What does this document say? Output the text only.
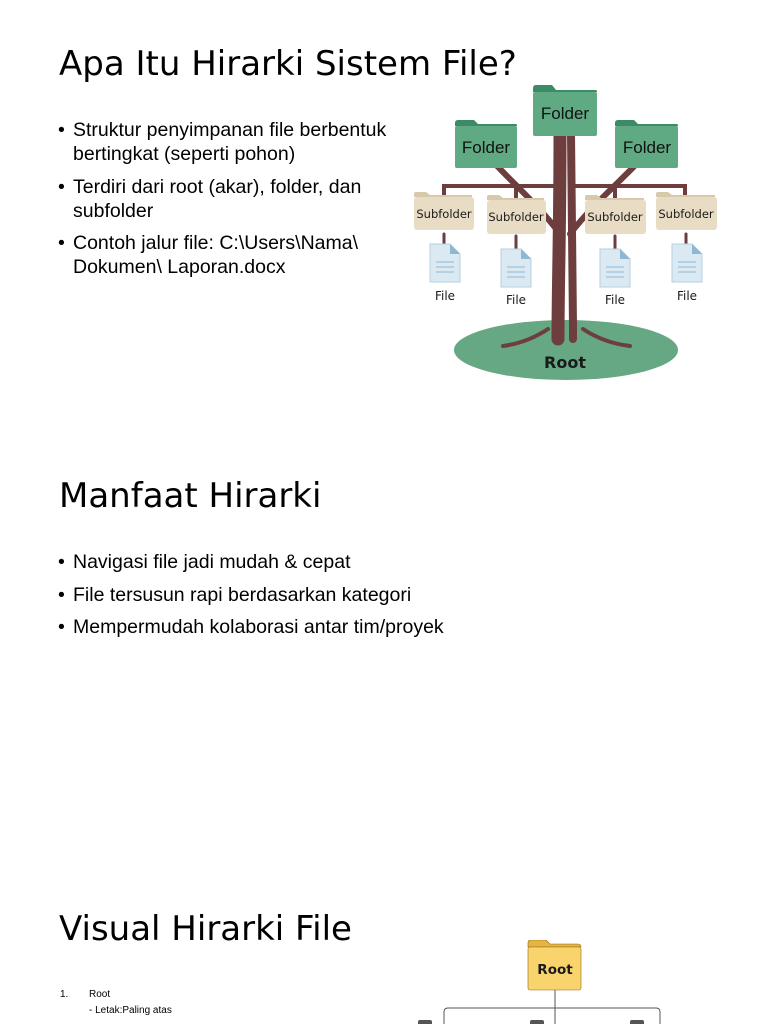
Apa Itu Hirarki Sistem File?
• Struktur penyimpanan file berbentuk bertingkat (seperti pohon)
• Terdiri dari root (akar), folder, dan subfolder
• Contoh jalur file: C:\Users\Nama\ Dokumen\ Laporan.docx
Folder
Folder	Folder
Subfolder Subfolder	Subfolder Subfolder
File	File	File	File
Root
Manfaat Hirarki
• Navigasi file jadi mudah & cepat
• File tersusun rapi berdasarkan kategori
• Mempermudah kolaborasi antar tim/proyek
Visual Hirarki File
1. Root
- Letak:Paling atas
Root
